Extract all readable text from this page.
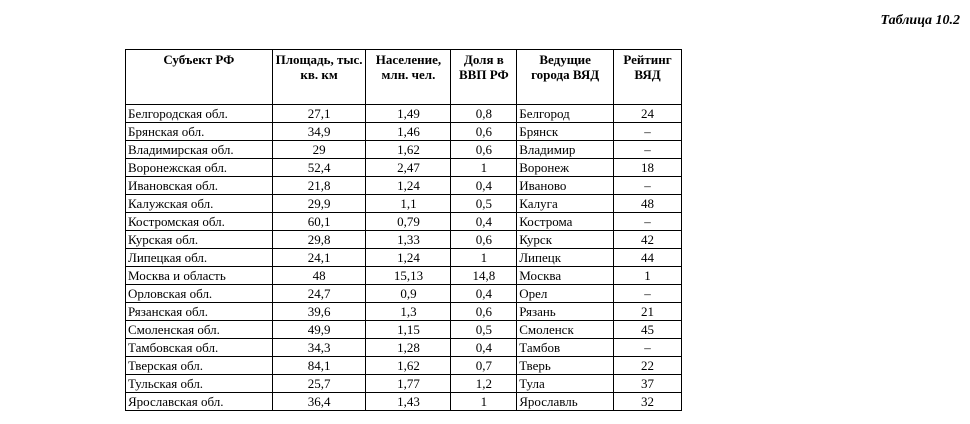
Таблица 10.2
Субъект РФ	Площадь, тыс. кв. км	Население, млн. чел.	Доля в ВВП РФ	Ведущие города ВЯД	Рейтинг ВЯД
Белгородская обл.	27,1	1,49	0,8	Белгород	24
Брянская обл.	34,9	1,46	0,6	Брянск	–
Владимирская обл.	29	1,62	0,6	Владимир	–
Воронежская обл.	52,4	2,47	1	Воронеж	18
Ивановская обл.	21,8	1,24	0,4	Иваново	–
Калужская обл.	29,9	1,1	0,5	Калуга	48
Костромская обл.	60,1	0,79	0,4	Кострома	–
Курская обл.	29,8	1,33	0,6	Курск	42
Липецкая обл.	24,1	1,24	1	Липецк	44
Москва и область	48	15,13	14,8	Москва	1
Орловская обл.	24,7	0,9	0,4	Орел	–
Рязанская обл.	39,6	1,3	0,6	Рязань	21
Смоленская обл.	49,9	1,15	0,5	Смоленск	45
Тамбовская обл.	34,3	1,28	0,4	Тамбов	–
Тверская обл.	84,1	1,62	0,7	Тверь	22
Тульская обл.	25,7	1,77	1,2	Тула	37
Ярославская обл.	36,4	1,43	1	Ярославль	32
